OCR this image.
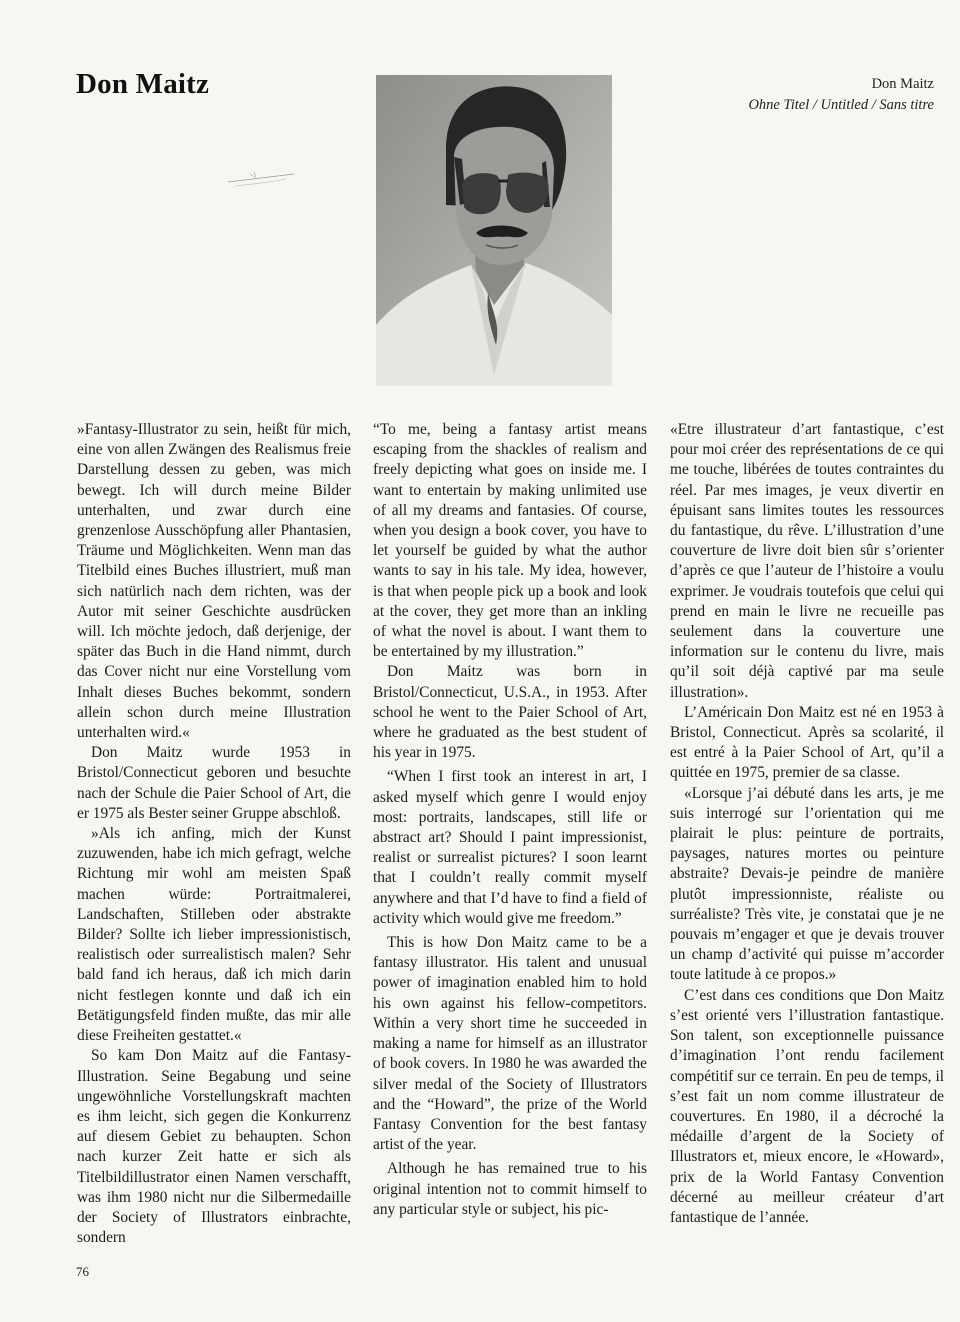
Don Maitz	Don Maitz
Ohne Titel / Untitled / Sans titre

»Fantasy-Illustrator zu sein, heißt für mich, eine von allen Zwängen des Realismus freie Darstellung dessen zu geben, was mich bewegt. Ich will durch meine Bilder unterhalten, und zwar durch eine grenzenlose Ausschöpfung aller Phantasien, Träume und Möglichkeiten. Wenn man das Titelbild eines Buches illustriert, muß man sich natürlich nach dem richten, was der Autor mit seiner Geschichte ausdrücken will. Ich möchte jedoch, daß derjenige, der später das Buch in die Hand nimmt, durch das Cover nicht nur eine Vorstellung vom Inhalt dieses Buches bekommt, sondern allein schon durch meine Illustration unterhalten wird.«

Don Maitz wurde 1953 in Bristol/Connecticut geboren und besuchte nach der Schule die Paier School of Art, die er 1975 als Bester seiner Gruppe abschloß.

»Als ich anfing, mich der Kunst zuzuwenden, habe ich mich gefragt, welche Richtung mir wohl am meisten Spaß machen würde: Portraitmalerei, Landschaften, Stilleben oder abstrakte Bilder? Sollte ich lieber impressionistisch, realistisch oder surrealistisch malen? Sehr bald fand ich heraus, daß ich mich darin nicht festlegen konnte und daß ich ein Betätigungsfeld finden mußte, das mir alle diese Freiheiten gestattet.«

So kam Don Maitz auf die Fantasy-Illustration. Seine Begabung und seine ungewöhnliche Vorstellungskraft machten es ihm leicht, sich gegen die Konkurrenz auf diesem Gebiet zu behaupten. Schon nach kurzer Zeit hatte er sich als Titelbildillustrator einen Namen verschafft, was ihm 1980 nicht nur die Silbermedaille der Society of Illustrators einbrachte, sondern

“To me, being a fantasy artist means escaping from the shackles of realism and freely depicting what goes on inside me. I want to entertain by making unlimited use of all my dreams and fantasies. Of course, when you design a book cover, you have to let yourself be guided by what the author wants to say in his tale. My idea, however, is that when people pick up a book and look at the cover, they get more than an inkling of what the novel is about. I want them to be entertained by my illustration.”

Don Maitz was born in Bristol/Connecticut, U.S.A., in 1953. After school he went to the Paier School of Art, where he graduated as the best student of his year in 1975.

“When I first took an interest in art, I asked myself which genre I would enjoy most: portraits, landscapes, still life or abstract art? Should I paint impressionist, realist or surrealist pictures? I soon learnt that I couldn’t really commit myself anywhere and that I’d have to find a field of activity which would give me freedom.”

This is how Don Maitz came to be a fantasy illustrator. His talent and unusual power of imagination enabled him to hold his own against his fellow-competitors. Within a very short time he succeeded in making a name for himself as an illustrator of book covers. In 1980 he was awarded the silver medal of the Society of Illustrators and the “Howard”, the prize of the World Fantasy Convention for the best fantasy artist of the year.

Although he has remained true to his original intention not to commit himself to any particular style or subject, his pic-

«Etre illustrateur d’art fantastique, c’est pour moi créer des représentations de ce qui me touche, libérées de toutes contraintes du réel. Par mes images, je veux divertir en épuisant sans limites toutes les ressources du fantastique, du rêve. L’illustration d’une couverture de livre doit bien sûr s’orienter d’après ce que l’auteur de l’histoire a voulu exprimer. Je voudrais toutefois que celui qui prend en main le livre ne recueille pas seulement dans la couverture une information sur le contenu du livre, mais qu’il soit déjà captivé par ma seule illustration».

L’Américain Don Maitz est né en 1953 à Bristol, Connecticut. Après sa scolarité, il est entré à la Paier School of Art, qu’il a quittée en 1975, premier de sa classe.

«Lorsque j’ai débuté dans les arts, je me suis interrogé sur l’orientation qui me plairait le plus: peinture de portraits, paysages, natures mortes ou peinture abstraite? Devais-je peindre de manière plutôt impressionniste, réaliste ou surréaliste? Très vite, je constatai que je ne pouvais m’engager et que je devais trouver un champ d’activité qui puisse m’accorder toute latitude à ce propos.»

C’est dans ces conditions que Don Maitz s’est orienté vers l’illustration fantastique. Son talent, son exceptionnelle puissance d’imagination l’ont rendu facilement compétitif sur ce terrain. En peu de temps, il s’est fait un nom comme illustrateur de couvertures. En 1980, il a décroché la médaille d’argent de la Society of Illustrators et, mieux encore, le «Howard», prix de la World Fantasy Convention décerné au meilleur créateur d’art fantastique de l’année.

76
